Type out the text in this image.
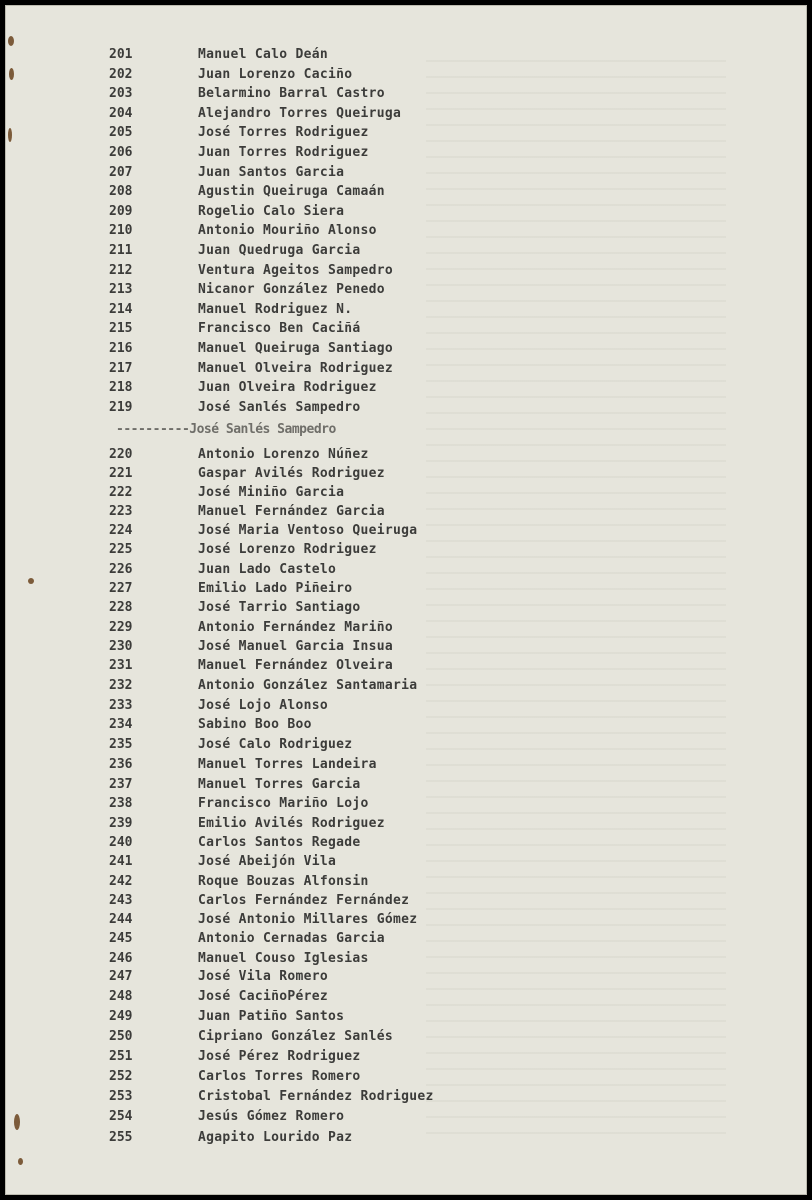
----------José Sanlés Sampedro
201	Manuel Calo Deán
202	Juan Lorenzo Caciño
203	Belarmino Barral Castro
204	Alejandro Torres Queiruga
205	José Torres Rodriguez
206	Juan Torres Rodriguez
207	Juan Santos Garcia
208	Agustin Queiruga Camaán
209	Rogelio Calo Siera
210	Antonio Mouriño Alonso
211	Juan Quedruga Garcia
212	Ventura Ageitos Sampedro
213	Nicanor González Penedo
214	Manuel Rodriguez N.
215	Francisco Ben Caciñá
216	Manuel Queiruga Santiago
217	Manuel Olveira Rodriguez
218	Juan Olveira Rodriguez
219	José Sanlés Sampedro
220	Antonio Lorenzo Núñez
221	Gaspar Avilés Rodriguez
222	José Miniño Garcia
223	Manuel Fernández Garcia
224	José Maria Ventoso Queiruga
225	José Lorenzo Rodriguez
226	Juan Lado Castelo
227	Emilio Lado Piñeiro
228	José Tarrio Santiago
229	Antonio Fernández Mariño
230	José Manuel Garcia Insua
231	Manuel Fernández Olveira
232	Antonio González Santamaria
233	José Lojo Alonso
234	Sabino Boo Boo
235	José Calo Rodriguez
236	Manuel Torres Landeira
237	Manuel Torres Garcia
238	Francisco Mariño Lojo
239	Emilio Avilés Rodriguez
240	Carlos Santos Regade
241	José Abeijón Vila
242	Roque Bouzas Alfonsin
243	Carlos Fernández Fernández
244	José Antonio Millares Gómez
245	Antonio Cernadas Garcia
246	Manuel Couso Iglesias
247	José Vila Romero
248	José CaciñoPérez
249	Juan Patiño Santos
250	Cipriano González Sanlés
251	José Pérez Rodriguez
252	Carlos Torres Romero
253	Cristobal Fernández Rodriguez
254	Jesús Gómez Romero
255	Agapito Lourido Paz
